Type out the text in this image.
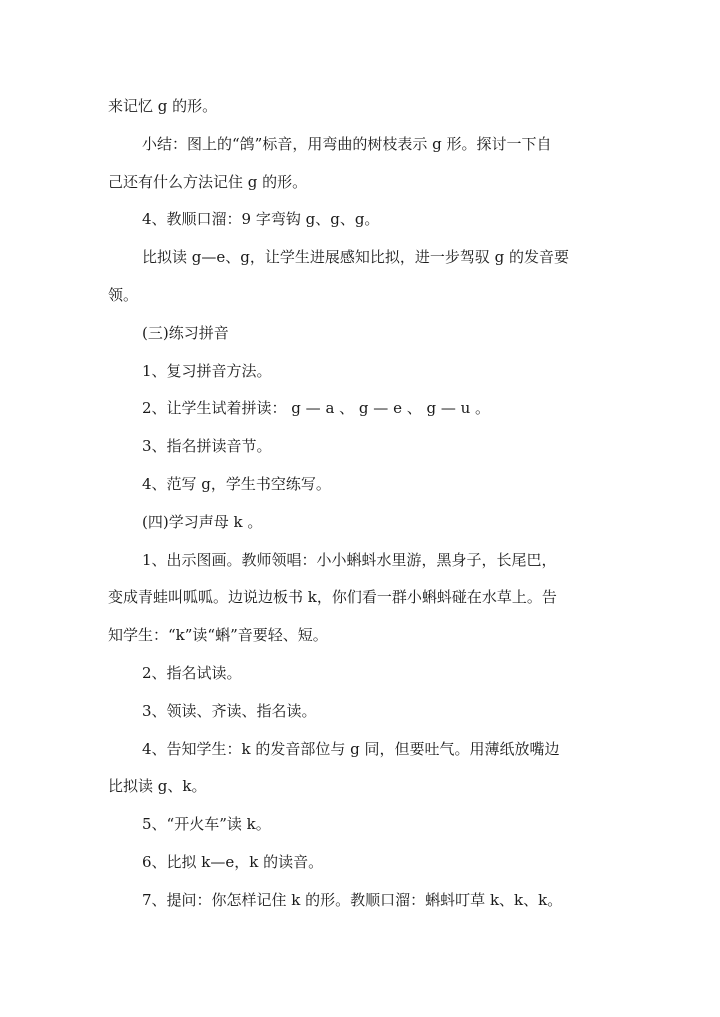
来记忆 g 的形。
小结：图上的“鸽”标音，用弯曲的树枝表示 g 形。探讨一下自
己还有什么方法记住 g 的形。
4、教顺口溜：9 字弯钩 g、g、g。
比拟读 g—e、g，让学生进展感知比拟，进一步驾驭 g 的发音要
领。
(三)练习拼音
1、复习拼音方法。
2、让学生试着拼读： g — a 、 g — e 、 g — u 。
3、指名拼读音节。
4、范写 g，学生书空练写。
(四)学习声母 k 。
1、出示图画。教师领唱：小小蝌蚪水里游，黑身子，长尾巴，
变成青蛙叫呱呱。边说边板书 k，你们看一群小蝌蚪碰在水草上。告
知学生：“k”读“蝌”音要轻、短。
2、指名试读。
3、领读、齐读、指名读。
4、告知学生：k 的发音部位与 g 同，但要吐气。用薄纸放嘴边
比拟读 g、k。
5、“开火车”读 k。
6、比拟 k—e，k 的读音。
7、提问：你怎样记住 k 的形。教顺口溜：蝌蚪叮草 k、k、k。
